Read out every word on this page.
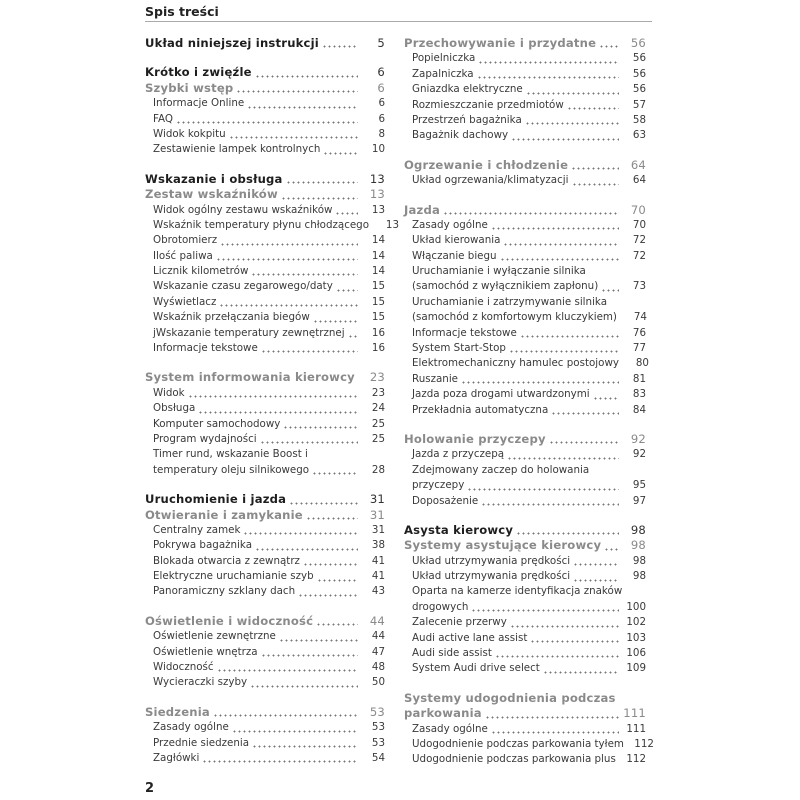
Spis treści
Układ niniejszej instrukcji	5
Krótko i zwięźle	6
Szybki wstęp	6
Informacje Online	6
FAQ	6
Widok kokpitu	8
Zestawienie lampek kontrolnych	10
Wskazanie i obsługa	13
Zestaw wskaźników	13
Widok ogólny zestawu wskaźników	13
Wskaźnik temperatury płynu chłodzącego	13
Obrotomierz	14
Ilość paliwa	14
Licznik kilometrów	14
Wskazanie czasu zegarowego/daty	15
Wyświetlacz	15
Wskaźnik przełączania biegów	15
jWskazanie temperatury zewnętrznej	16
Informacje tekstowe	16
System informowania kierowcy	23
Widok	23
Obsługa	24
Komputer samochodowy	25
Program wydajności	25
Timer rund, wskazanie Boost i
temperatury oleju silnikowego	28
Uruchomienie i jazda	31
Otwieranie i zamykanie	31
Centralny zamek	31
Pokrywa bagażnika	38
Blokada otwarcia z zewnątrz	41
Elektryczne uruchamianie szyb	41
Panoramiczny szklany dach	43
Oświetlenie i widoczność	44
Oświetlenie zewnętrzne	44
Oświetlenie wnętrza	47
Widoczność	48
Wycieraczki szyby	50
Siedzenia	53
Zasady ogólne	53
Przednie siedzenia	53
Zagłówki	54
Przechowywanie i przydatne	56
Popielniczka	56
Zapalniczka	56
Gniazdka elektryczne	56
Rozmieszczanie przedmiotów	57
Przestrzeń bagażnika	58
Bagażnik dachowy	63
Ogrzewanie i chłodzenie	64
Układ ogrzewania/klimatyzacji	64
Jazda	70
Zasady ogólne	70
Układ kierowania	72
Włączanie biegu	72
Uruchamianie i wyłączanie silnika
(samochód z wyłącznikiem zapłonu)	73
Uruchamianie i zatrzymywanie silnika
(samochód z komfortowym kluczykiem)	74
Informacje tekstowe	76
System Start-Stop	77
Elektromechaniczny hamulec postojowy	80
Ruszanie	81
Jazda poza drogami utwardzonymi	83
Przekładnia automatyczna	84
Holowanie przyczepy	92
Jazda z przyczepą	92
Zdejmowany zaczep do holowania
przyczepy	95
Doposażenie	97
Asysta kierowcy	98
Systemy asystujące kierowcy	98
Układ utrzymywania prędkości	98
Układ utrzymywania prędkości	98
Oparta na kamerze identyfikacja znaków
drogowych	100
Zalecenie przerwy	102
Audi active lane assist	103
Audi side assist	106
System Audi drive select	109
Systemy udogodnienia podczas
parkowania	111
Zasady ogólne	111
Udogodnienie podczas parkowania tyłem	112
Udogodnienie podczas parkowania plus	112
2
